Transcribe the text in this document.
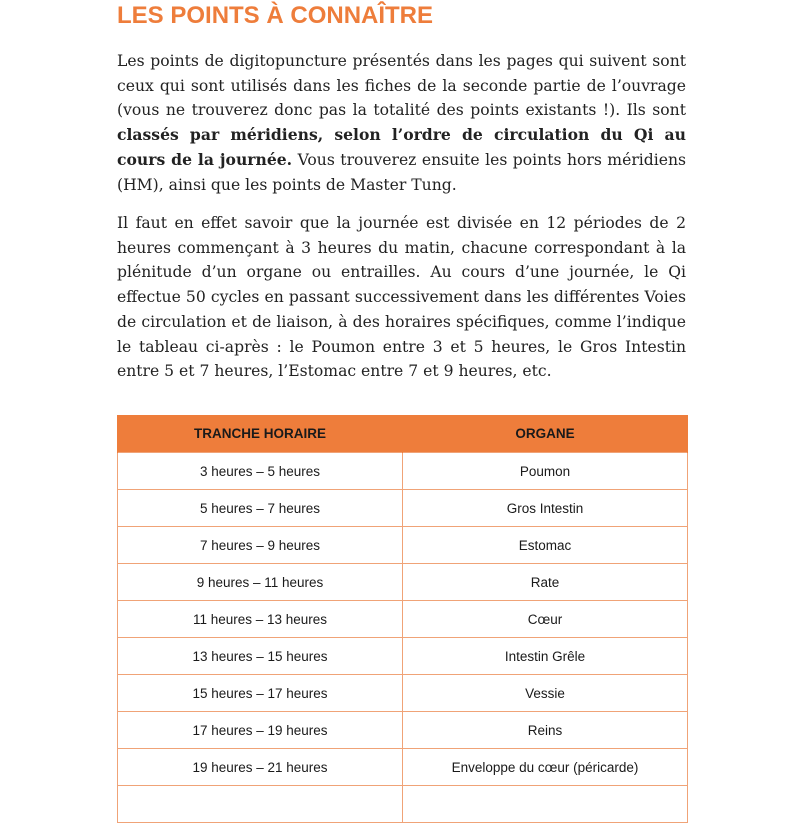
LES POINTS À CONNAÎTRE

Les points de digitopuncture présentés dans les pages qui suivent sont ceux qui sont utilisés dans les fiches de la seconde partie de l’ouvrage (vous ne trouverez donc pas la totalité des points existants !). Ils sont classés par méridiens, selon l’ordre de circulation du Qi au cours de la journée. Vous trouverez ensuite les points hors méridiens (HM), ainsi que les points de Master Tung.

Il faut en effet savoir que la journée est divisée en 12 périodes de 2 heures commençant à 3 heures du matin, chacune correspondant à la plénitude d’un organe ou entrailles. Au cours d’une journée, le Qi effectue 50 cycles en passant successivement dans les différentes Voies de circulation et de liaison, à des horaires spécifiques, comme l’indique le tableau ci-après : le Poumon entre 3 et 5 heures, le Gros Intestin entre 5 et 7 heures, l’Estomac entre 7 et 9 heures, etc.

TRANCHE HORAIRE	ORGANE
3 heures – 5 heures	Poumon
5 heures – 7 heures	Gros Intestin
7 heures – 9 heures	Estomac
9 heures – 11 heures	Rate
11 heures – 13 heures	Cœur
13 heures – 15 heures	Intestin Grêle
15 heures – 17 heures	Vessie
17 heures – 19 heures	Reins
19 heures – 21 heures	Enveloppe du cœur (péricarde)
